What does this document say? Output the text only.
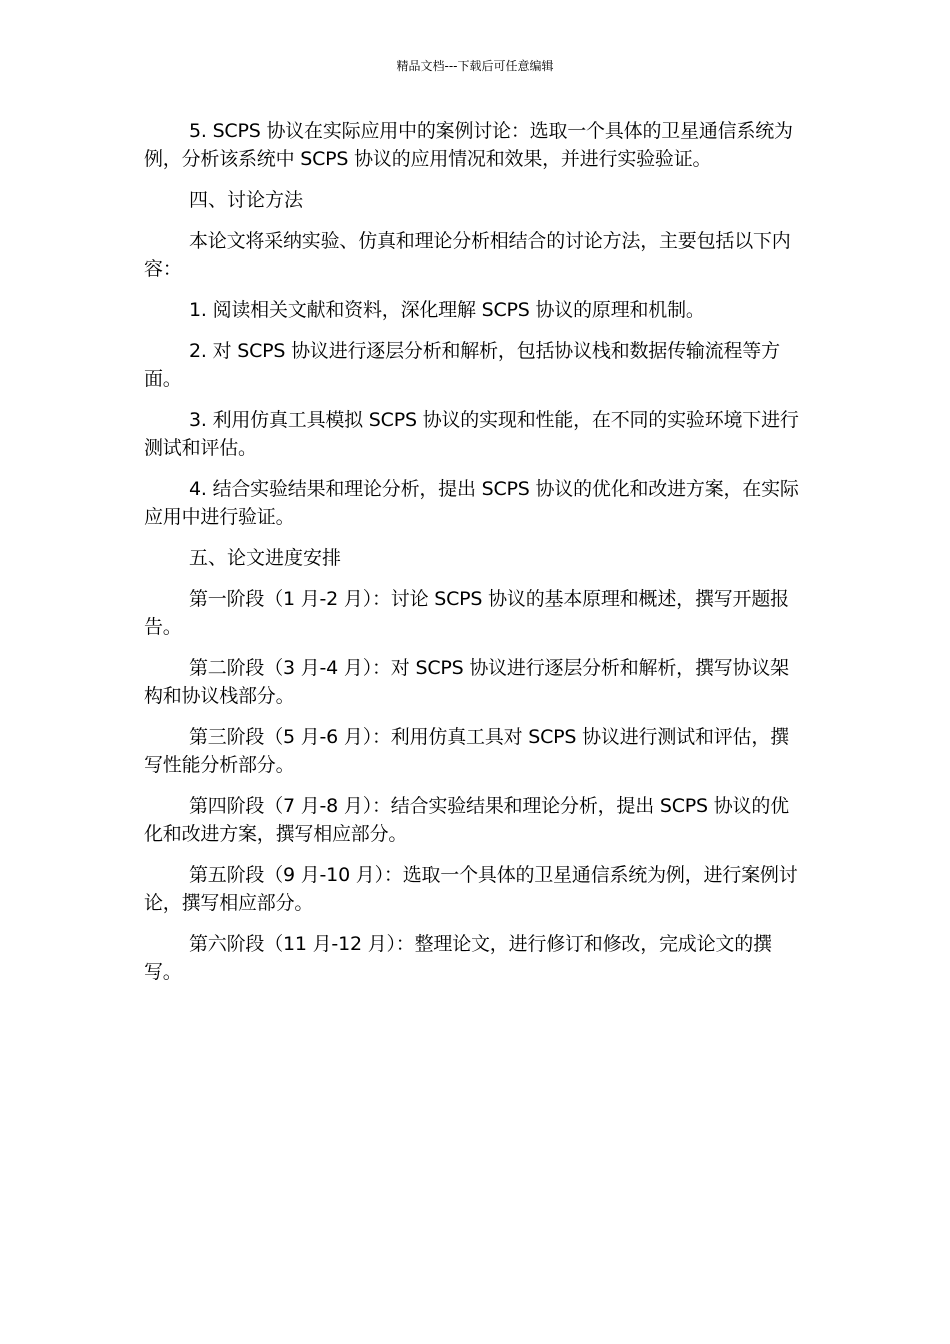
精品文档---下载后可任意编辑

5. SCPS 协议在实际应用中的案例讨论：选取一个具体的卫星通信系统为例，分析该系统中 SCPS 协议的应用情况和效果，并进行实验验证。

四、讨论方法

本论文将采纳实验、仿真和理论分析相结合的讨论方法，主要包括以下内容：

1. 阅读相关文献和资料，深化理解 SCPS 协议的原理和机制。

2. 对 SCPS 协议进行逐层分析和解析，包括协议栈和数据传输流程等方面。

3. 利用仿真工具模拟 SCPS 协议的实现和性能，在不同的实验环境下进行测试和评估。

4. 结合实验结果和理论分析，提出 SCPS 协议的优化和改进方案，在实际应用中进行验证。

五、论文进度安排

第一阶段（1 月-2 月）：讨论 SCPS 协议的基本原理和概述，撰写开题报告。

第二阶段（3 月-4 月）：对 SCPS 协议进行逐层分析和解析，撰写协议架构和协议栈部分。

第三阶段（5 月-6 月）：利用仿真工具对 SCPS 协议进行测试和评估，撰写性能分析部分。

第四阶段（7 月-8 月）：结合实验结果和理论分析，提出 SCPS 协议的优化和改进方案，撰写相应部分。

第五阶段（9 月-10 月）：选取一个具体的卫星通信系统为例，进行案例讨论，撰写相应部分。

第六阶段（11 月-12 月）：整理论文，进行修订和修改，完成论文的撰写。
